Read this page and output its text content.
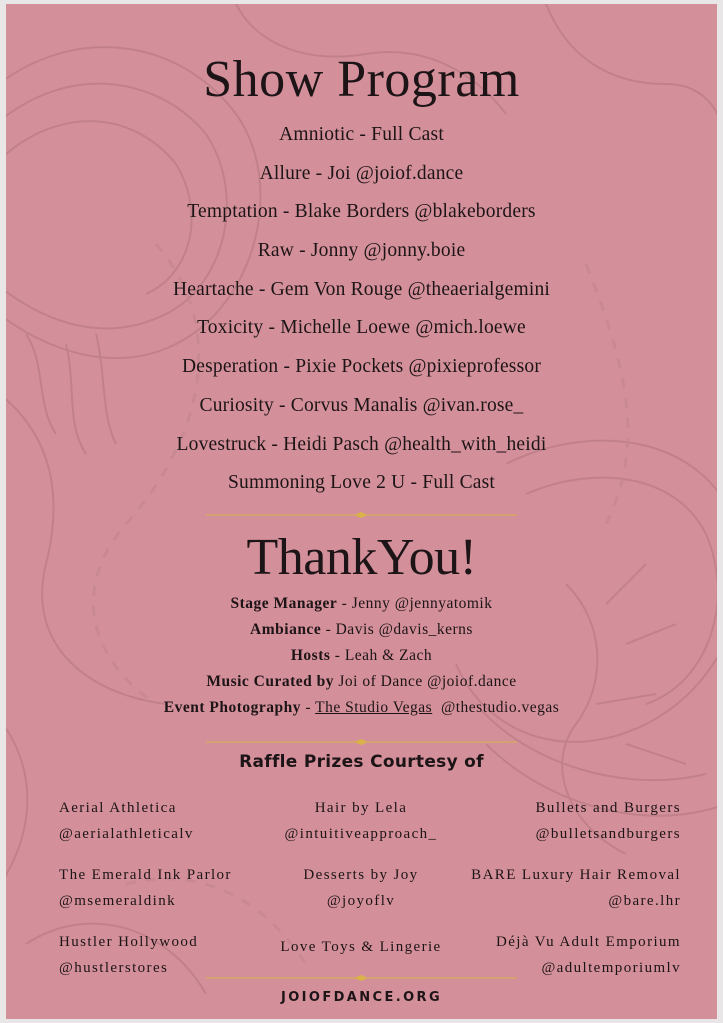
Show Program
Amniotic - Full Cast
Allure - Joi @joiof.dance
Temptation - Blake Borders @blakeborders
Raw - Jonny @jonny.boie
Heartache - Gem Von Rouge @theaerialgemini
Toxicity - Michelle Loewe @mich.loewe
Desperation - Pixie Pockets @pixieprofessor
Curiosity - Corvus Manalis @ivan.rose_
Lovestruck - Heidi Pasch @health_with_heidi
Summoning Love 2 U - Full Cast
ThankYou!
Stage Manager - Jenny @jennyatomik
Ambiance - Davis @davis_kerns
Hosts - Leah & Zach
Music Curated by Joi of Dance @joiof.dance
Event Photography - The Studio Vegas  @thestudio.vegas
Raffle Prizes Courtesy of
Aerial Athletica
@aerialathleticalv
Hair by Lela
@intuitiveapproach_
Bullets and Burgers
@bulletsandburgers
The Emerald Ink Parlor
@msemeraldink
Desserts by Joy
@joyoflv
BARE Luxury Hair Removal
@bare.lhr
Hustler Hollywood
@hustlerstores
Love Toys & Lingerie	Déjà Vu Adult Emporium
@adultemporiumlv
JOIOFDANCE.ORG
